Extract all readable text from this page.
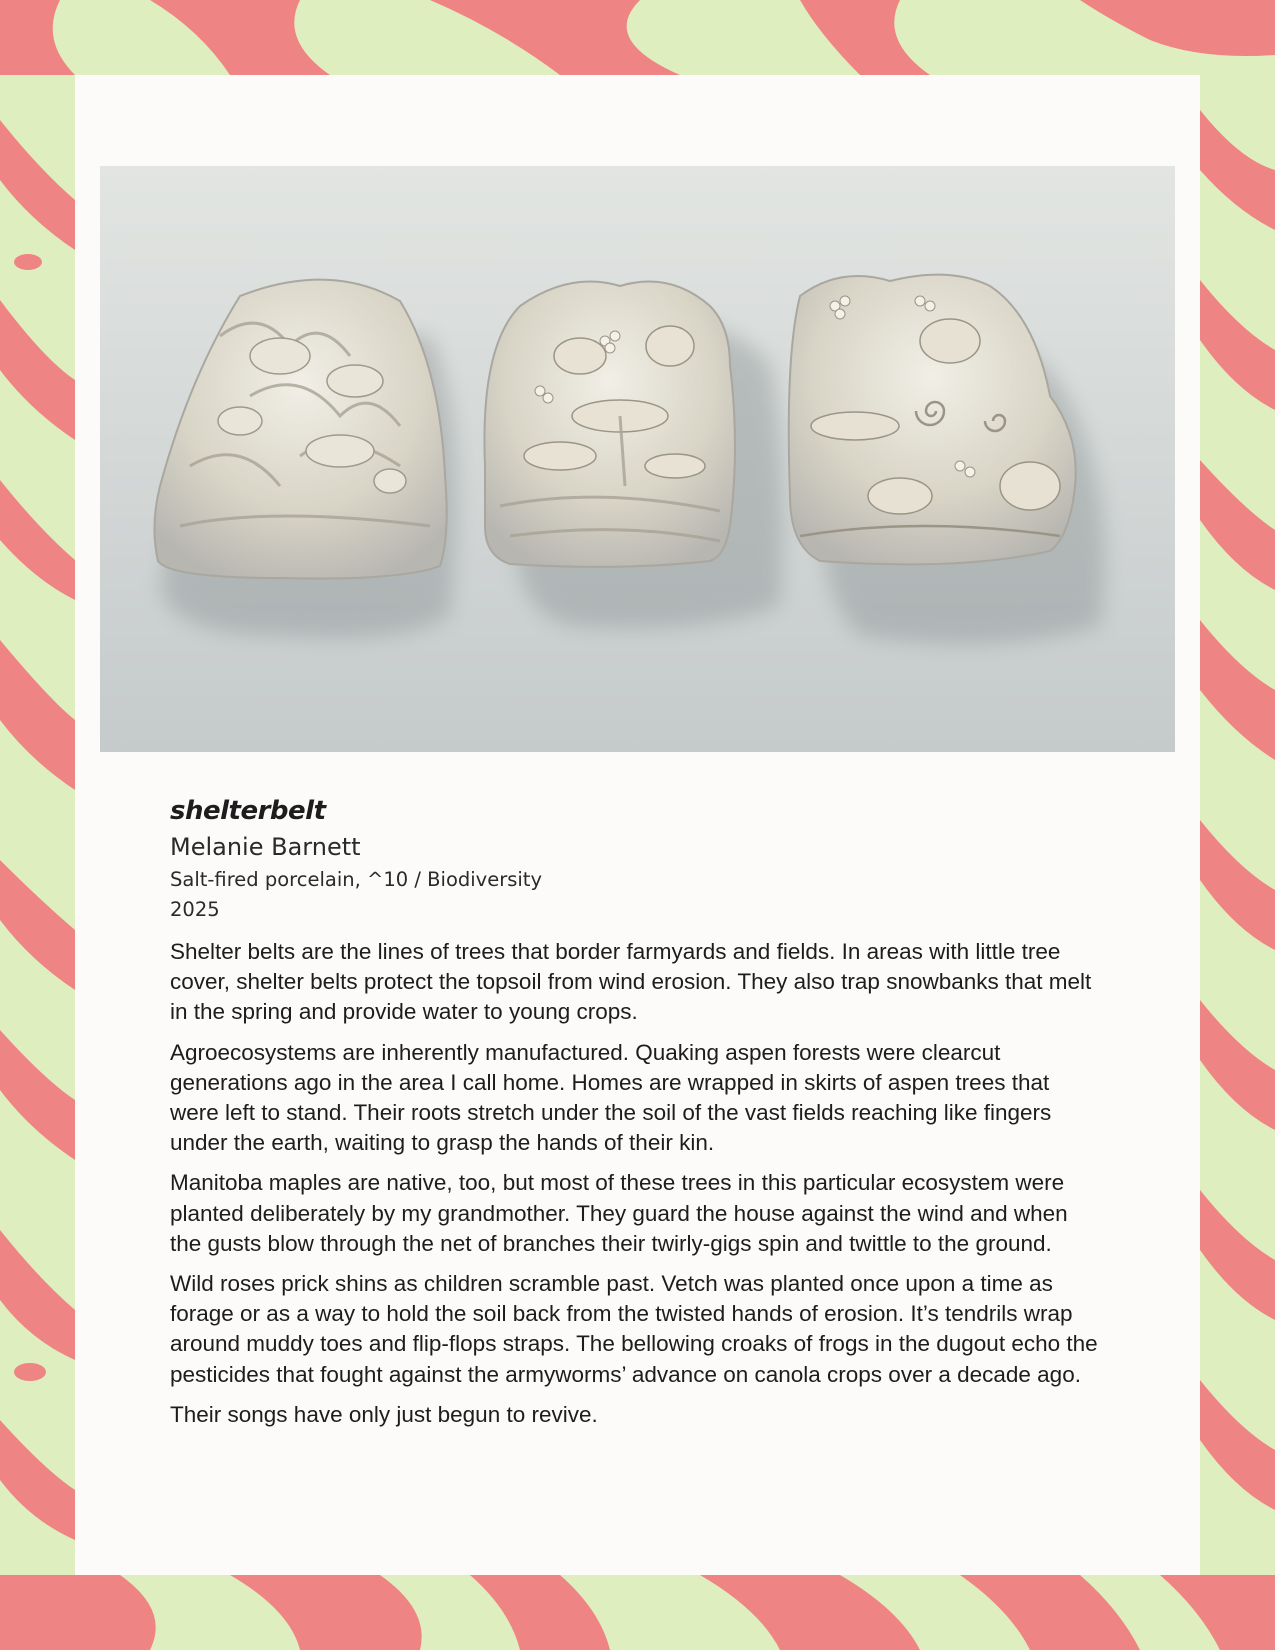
shelterbelt

Melanie Barnett

Salt-fired porcelain, ^10 / Biodiversity

2025

Shelter belts are the lines of trees that border farmyards and fields. In areas with little tree cover, shelter belts protect the topsoil from wind erosion. They also trap snowbanks that melt in the spring and provide water to young crops.

Agroecosystems are inherently manufactured. Quaking aspen forests were clearcut generations ago in the area I call home. Homes are wrapped in skirts of aspen trees that were left to stand. Their roots stretch under the soil of the vast fields reaching like fingers under the earth, waiting to grasp the hands of their kin.

Manitoba maples are native, too, but most of these trees in this particular ecosystem were planted deliberately by my grandmother. They guard the house against the wind and when the gusts blow through the net of branches their twirly-gigs spin and twittle to the ground.

Wild roses prick shins as children scramble past. Vetch was planted once upon a time as forage or as a way to hold the soil back from the twisted hands of erosion. It’s tendrils wrap around muddy toes and flip-flops straps. The bellowing croaks of frogs in the dugout echo the pesticides that fought against the armyworms’ advance on canola crops over a decade ago.

Their songs have only just begun to revive.
